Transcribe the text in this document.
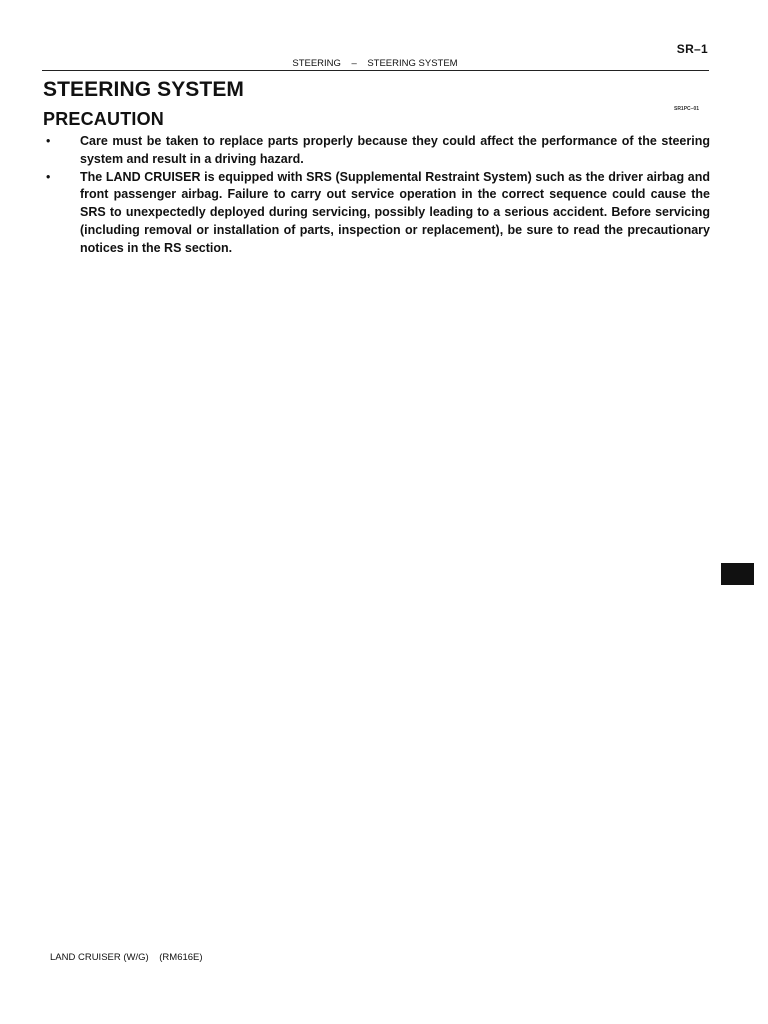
SR–1
STEERING    –    STEERING SYSTEM
STEERING SYSTEM
PRECAUTION	SR1PC–01
• Care must be taken to replace parts properly because they could affect the performance of the steering system and result in a driving hazard.
• The LAND CRUISER is equipped with SRS (Supplemental Restraint System) such as the driver airbag and front passenger airbag. Failure to carry out service operation in the correct sequence could cause the SRS to unexpectedly deployed during servicing, possibly leading to a serious accident. Before servicing (including removal or installation of parts, inspection or replacement), be sure to read the precautionary notices in the RS section.
LAND CRUISER (W/G)    (RM616E)
